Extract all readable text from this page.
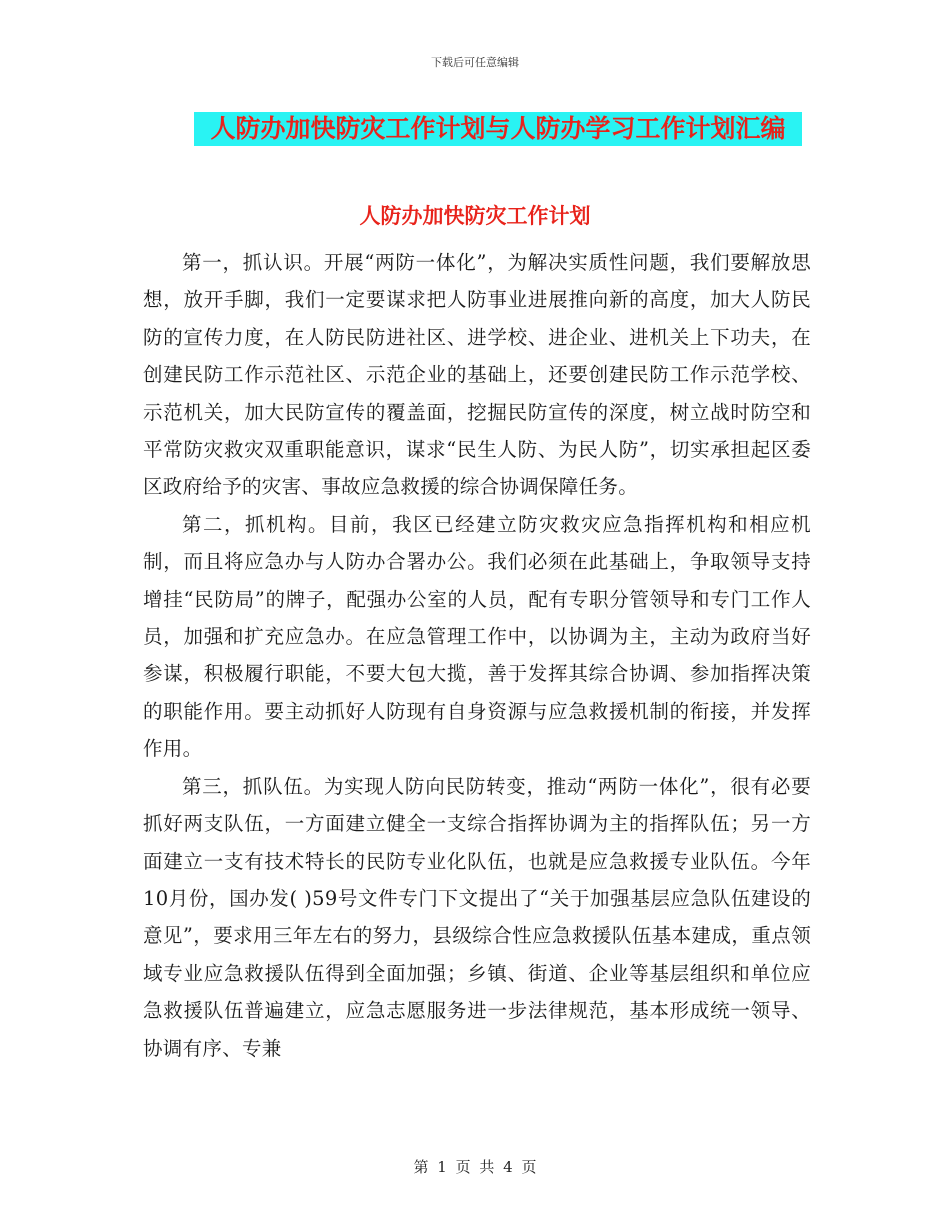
下载后可任意编辑
人防办加快防灾工作计划与人防办学习工作计划汇编
人防办加快防灾工作计划

第一，抓认识。开展“两防一体化”，为解决实质性问题，我们要解放思想，放开手脚，我们一定要谋求把人防事业进展推向新的高度，加大人防民防的宣传力度，在人防民防进社区、进学校、进企业、进机关上下功夫，在创建民防工作示范社区、示范企业的基础上，还要创建民防工作示范学校、示范机关，加大民防宣传的覆盖面，挖掘民防宣传的深度，树立战时防空和平常防灾救灾双重职能意识，谋求“民生人防、为民人防”，切实承担起区委区政府给予的灾害、事故应急救援的综合协调保障任务。

第二，抓机构。目前，我区已经建立防灾救灾应急指挥机构和相应机制，而且将应急办与人防办合署办公。我们必须在此基础上，争取领导支持增挂“民防局”的牌子，配强办公室的人员，配有专职分管领导和专门工作人员，加强和扩充应急办。在应急管理工作中，以协调为主，主动为政府当好参谋，积极履行职能，不要大包大揽，善于发挥其综合协调、参加指挥决策的职能作用。要主动抓好人防现有自身资源与应急救援机制的衔接，并发挥作用。

第三，抓队伍。为实现人防向民防转变，推动“两防一体化”，很有必要抓好两支队伍，一方面建立健全一支综合指挥协调为主的指挥队伍；另一方面建立一支有技术特长的民防专业化队伍，也就是应急救援专业队伍。今年10月份，国办发( )59号文件专门下文提出了“关于加强基层应急队伍建设的意见”，要求用三年左右的努力，县级综合性应急救援队伍基本建成，重点领域专业应急救援队伍得到全面加强；乡镇、街道、企业等基层组织和单位应急救援队伍普遍建立，应急志愿服务进一步法律规范，基本形成统一领导、协调有序、专兼

第 1 页 共 4 页
